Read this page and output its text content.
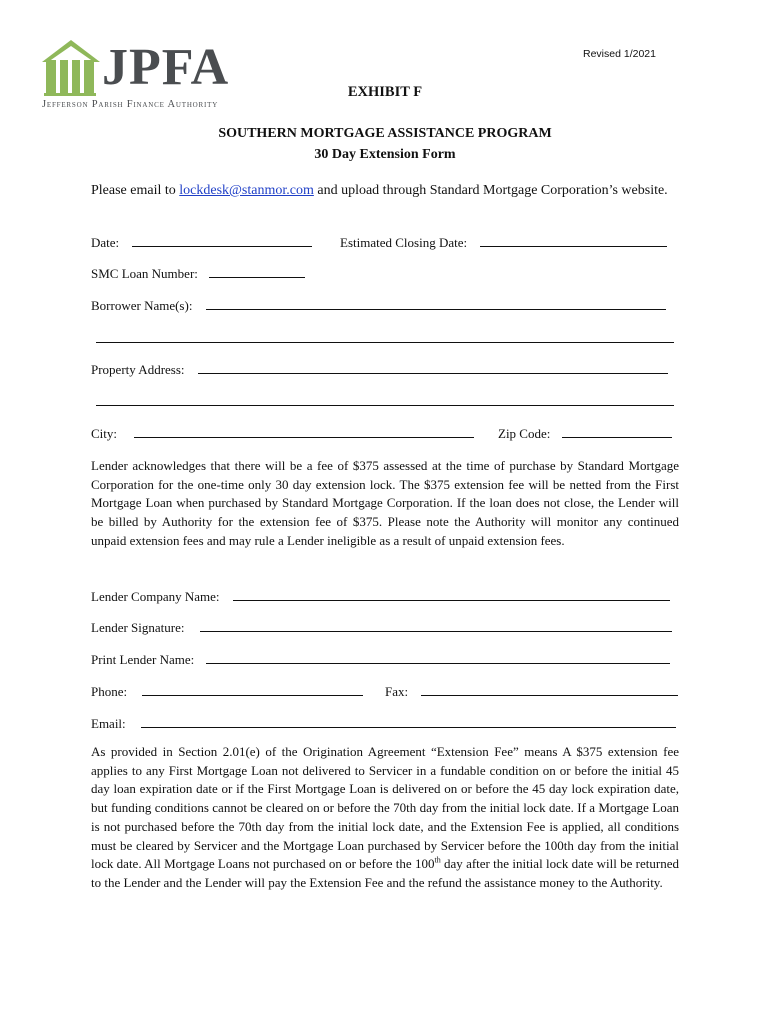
JPFA
Jefferson Parish Finance Authority
Revised 1/2021
EXHIBIT F
SOUTHERN MORTGAGE ASSISTANCE PROGRAM
30 Day Extension Form
Please email to lockdesk@stanmor.com and upload through Standard Mortgage Corporation’s website.
Date:	Estimated Closing Date:
SMC Loan Number:
Borrower Name(s):
Property Address:
City:	Zip Code:
Lender acknowledges that there will be a fee of $375 assessed at the time of purchase by Standard Mortgage Corporation for the one-time only 30 day extension lock. The $375 extension fee will be netted from the First Mortgage Loan when purchased by Standard Mortgage Corporation. If the loan does not close, the Lender will be billed by Authority for the extension fee of $375. Please note the Authority will monitor any continued unpaid extension fees and may rule a Lender ineligible as a result of unpaid extension fees.
Lender Company Name:
Lender Signature:
Print Lender Name:
Phone:	Fax:
Email:
As provided in Section 2.01(e) of the Origination Agreement “Extension Fee” means A $375 extension fee applies to any First Mortgage Loan not delivered to Servicer in a fundable condition on or before the initial 45 day loan expiration date or if the First Mortgage Loan is delivered on or before the 45 day lock expiration date, but funding conditions cannot be cleared on or before the 70th day from the initial lock date. If a Mortgage Loan is not purchased before the 70th day from the initial lock date, and the Extension Fee is applied, all conditions must be cleared by Servicer and the Mortgage Loan purchased by Servicer before the 100th day from the initial lock date. All Mortgage Loans not purchased on or before the 100th day after the initial lock date will be returned to the Lender and the Lender will pay the Extension Fee and the refund the assistance money to the Authority.
